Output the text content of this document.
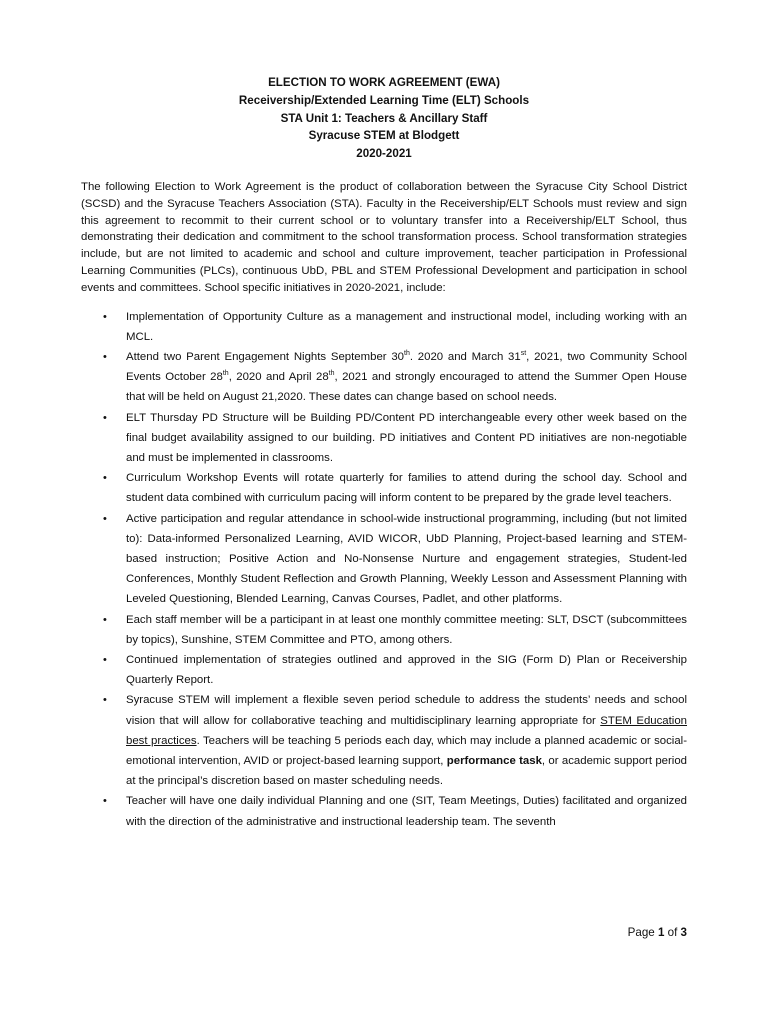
ELECTION TO WORK AGREEMENT (EWA)

Receivership/Extended Learning Time (ELT) Schools

STA Unit 1: Teachers & Ancillary Staff

Syracuse STEM at Blodgett

2020-2021

The following Election to Work Agreement is the product of collaboration between the Syracuse City School District (SCSD) and the Syracuse Teachers Association (STA). Faculty in the Receivership/ELT Schools must review and sign this agreement to recommit to their current school or to voluntary transfer into a Receivership/ELT School, thus demonstrating their dedication and commitment to the school transformation process. School transformation strategies include, but are not limited to academic and school and culture improvement, teacher participation in Professional Learning Communities (PLCs), continuous UbD, PBL and STEM Professional Development and participation in school events and committees. School specific initiatives in 2020-2021, include:

• Implementation of Opportunity Culture as a management and instructional model, including working with an MCL.
• Attend two Parent Engagement Nights September 30th. 2020 and March 31st, 2021, two Community School Events October 28th, 2020 and April 28th, 2021 and strongly encouraged to attend the Summer Open House that will be held on August 21,2020. These dates can change based on school needs.
• ELT Thursday PD Structure will be Building PD/Content PD interchangeable every other week based on the final budget availability assigned to our building. PD initiatives and Content PD initiatives are non-negotiable and must be implemented in classrooms.
• Curriculum Workshop Events will rotate quarterly for families to attend during the school day. School and student data combined with curriculum pacing will inform content to be prepared by the grade level teachers.
• Active participation and regular attendance in school-wide instructional programming, including (but not limited to): Data-informed Personalized Learning, AVID WICOR, UbD Planning, Project-based learning and STEM-based instruction; Positive Action and No-Nonsense Nurture and engagement strategies, Student-led Conferences, Monthly Student Reflection and Growth Planning, Weekly Lesson and Assessment Planning with Leveled Questioning, Blended Learning, Canvas Courses, Padlet, and other platforms.
• Each staff member will be a participant in at least one monthly committee meeting: SLT, DSCT (subcommittees by topics), Sunshine, STEM Committee and PTO, among others.
• Continued implementation of strategies outlined and approved in the SIG (Form D) Plan or Receivership Quarterly Report.
• Syracuse STEM will implement a flexible seven period schedule to address the students’ needs and school vision that will allow for collaborative teaching and multidisciplinary learning appropriate for STEM Education best practices. Teachers will be teaching 5 periods each day, which may include a planned academic or social-emotional intervention, AVID or project-based learning support, performance task, or academic support period at the principal’s discretion based on master scheduling needs.
• Teacher will have one daily individual Planning and one (SIT, Team Meetings, Duties) facilitated and organized with the direction of the administrative and instructional leadership team. The seventh
Page 1 of 3
